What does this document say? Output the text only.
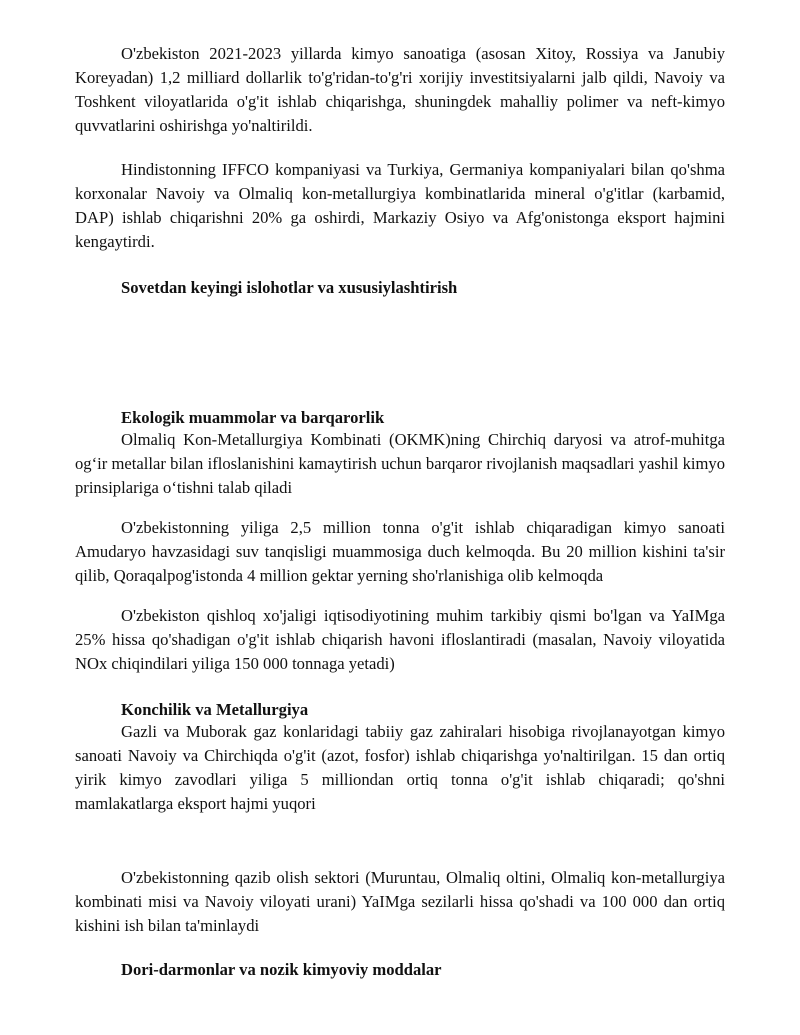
O'zbekiston 2021-2023 yillarda kimyo sanoatiga (asosan Xitoy, Rossiya va Janubiy Koreyadan) 1,2 milliard dollarlik to'g'ridan-to'g'ri xorijiy investitsiyalarni jalb qildi, Navoiy va Toshkent viloyatlarida o'g'it ishlab chiqarishga, shuningdek mahalliy polimer va neft-kimyo quvvatlarini oshirishga yo'naltirildi.

Hindistonning IFFCO kompaniyasi va Turkiya, Germaniya kompaniyalari bilan qo'shma korxonalar Navoiy va Olmaliq kon-metallurgiya kombinatlarida mineral o'g'itlar (karbamid, DAP) ishlab chiqarishni 20% ga oshirdi, Markaziy Osiyo va Afg'onistonga eksport hajmini kengaytirdi.

Sovetdan keyingi islohotlar va xususiylashtirish
Ekologik muammolar va barqarorlik

Olmaliq Kon-Metallurgiya Kombinati (OKMK)ning Chirchiq daryosi va atrof-muhitga og‘ir metallar bilan ifloslanishini kamaytirish uchun barqaror rivojlanish maqsadlari yashil kimyo prinsiplariga o‘tishni talab qiladi

O'zbekistonning yiliga 2,5 million tonna o'g'it ishlab chiqaradigan kimyo sanoati Amudaryo havzasidagi suv tanqisligi muammosiga duch kelmoqda. Bu 20 million kishini ta'sir qilib, Qoraqalpog'istonda 4 million gektar yerning sho'rlanishiga olib kelmoqda

O'zbekiston qishloq xo'jaligi iqtisodiyotining muhim tarkibiy qismi bo'lgan va YaIMga 25% hissa qo'shadigan o'g'it ishlab chiqarish havoni ifloslantiradi (masalan, Navoiy viloyatida NOx chiqindilari yiliga 150 000 tonnaga yetadi)

Konchilik va Metallurgiya

Gazli va Muborak gaz konlaridagi tabiiy gaz zahiralari hisobiga rivojlanayotgan kimyo sanoati Navoiy va Chirchiqda o'g'it (azot, fosfor) ishlab chiqarishga yo'naltirilgan. 15 dan ortiq yirik kimyo zavodlari yiliga 5 milliondan ortiq tonna o'g'it ishlab chiqaradi; qo'shni mamlakatlarga eksport hajmi yuqori

O'zbekistonning qazib olish sektori (Muruntau, Olmaliq oltini, Olmaliq kon-metallurgiya kombinati misi va Navoiy viloyati urani) YaIMga sezilarli hissa qo'shadi va 100 000 dan ortiq kishini ish bilan ta'minlaydi

Dori-darmonlar va nozik kimyoviy moddalar
